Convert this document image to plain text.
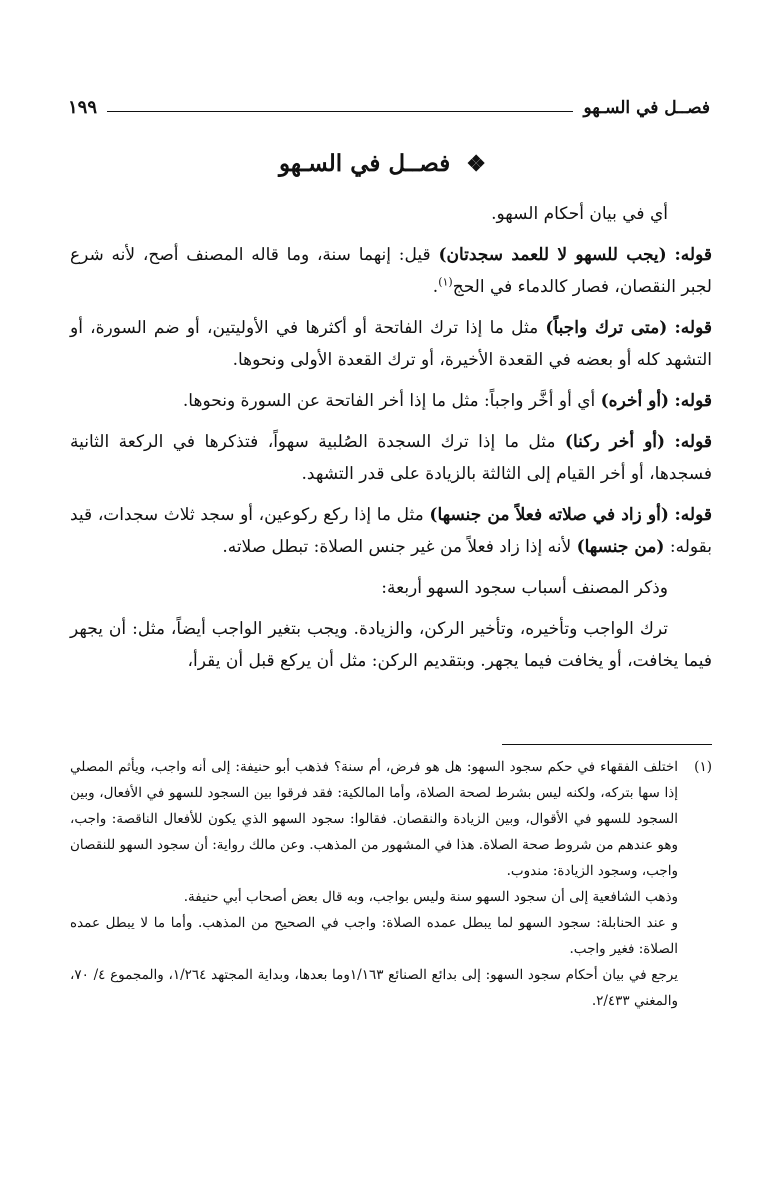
فصــل في السـهو
١٩٩
❖ فصــل في السـهو

أي في بيان أحكام السهو.

قوله: (يجب للسهو لا للعمد سجدتان) قيل: إنهما سنة، وما قاله المصنف أصح، لأنه شرع لجبر النقصان، فصار كالدماء في الحج$^{(١)}$.

قوله: (متى ترك واجباً) مثل ما إذا ترك الفاتحة أو أكثرها في الأوليتين، أو ضم السورة، أو التشهد كله أو بعضه في القعدة الأخيرة، أو ترك القعدة الأولى ونحوها.

قوله: (أو أخره) أي أو أخَّر واجباً: مثل ما إذا أخر الفاتحة عن السورة ونحوها.

قوله: (أو أخر ركنا) مثل ما إذا ترك السجدة الصُلبية سهواً، فتذكرها في الركعة الثانية فسجدها، أو أخر القيام إلى الثالثة بالزيادة على قدر التشهد.

قوله: (أو زاد في صلاته فعلاً من جنسها) مثل ما إذا ركع ركوعين، أو سجد ثلاث سجدات، قيد بقوله: (من جنسها) لأنه إذا زاد فعلاً من غير جنس الصلاة: تبطل صلاته.

وذكر المصنف أسباب سجود السهو أربعة:

ترك الواجب وتأخيره، وتأخير الركن، والزيادة. ويجب بتغير الواجب أيضاً، مثل: أن يجهر فيما يخافت، أو يخافت فيما يجهر. وبتقديم الركن: مثل أن يركع قبل أن يقرأ،

(١)

اختلف الفقهاء في حكم سجود السهو: هل هو فرض، أم سنة؟ فذهب أبو حنيفة: إلى أنه واجب، ويأثم المصلي إذا سها بتركه، ولكنه ليس بشرط لصحة الصلاة، وأما المالكية: فقد فرقوا بين السجود للسهو في الأفعال، وبين السجود للسهو في الأقوال، وبين الزيادة والنقصان. فقالوا: سجود السهو الذي يكون للأفعال الناقصة: واجب، وهو عندهم من شروط صحة الصلاة. هذا في المشهور من المذهب. وعن مالك رواية: أن سجود السهو للنقصان واجب، وسجود الزيادة: مندوب.

وذهب الشافعية إلى أن سجود السهو سنة وليس بواجب، وبه قال بعض أصحاب أبي حنيفة.

و عند الحنابلة: سجود السهو لما يبطل عمده الصلاة: واجب في الصحيح من المذهب. وأما ما لا يبطل عمده الصلاة: فغير واجب.

يرجع في بيان أحكام سجود السهو: إلى بدائع الصنائع ١/١٦٣وما بعدها، وبداية المجتهد ١/٢٦٤، والمجموع ٤/ ٧٠، والمغني ٢/٤٣٣.
